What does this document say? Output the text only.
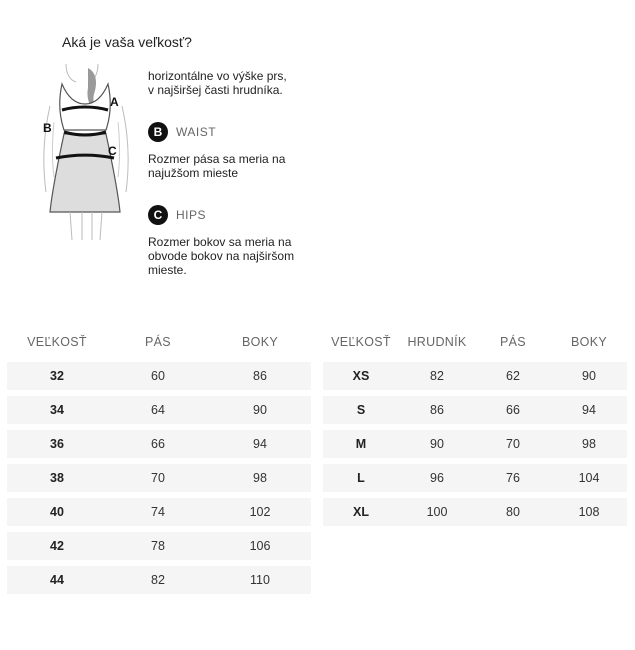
Aká je vaša veľkosť?
A
B
C
horizontálne vo výške prs,
v najširšej časti hrudníka.
B	WAIST
Rozmer pása sa meria na najužšom mieste
C	HIPS
Rozmer bokov sa meria na obvode bokov na najširšom mieste.
VEĽKOSŤ	PÁS	BOKY
32	60	86
34	64	90
36	66	94
38	70	98
40	74	102
42	78	106
44	82	110
VEĽKOSŤ	HRUDNÍK	PÁS	BOKY
XS	82	62	90
S	86	66	94
M	90	70	98
L	96	76	104
XL	100	80	108
